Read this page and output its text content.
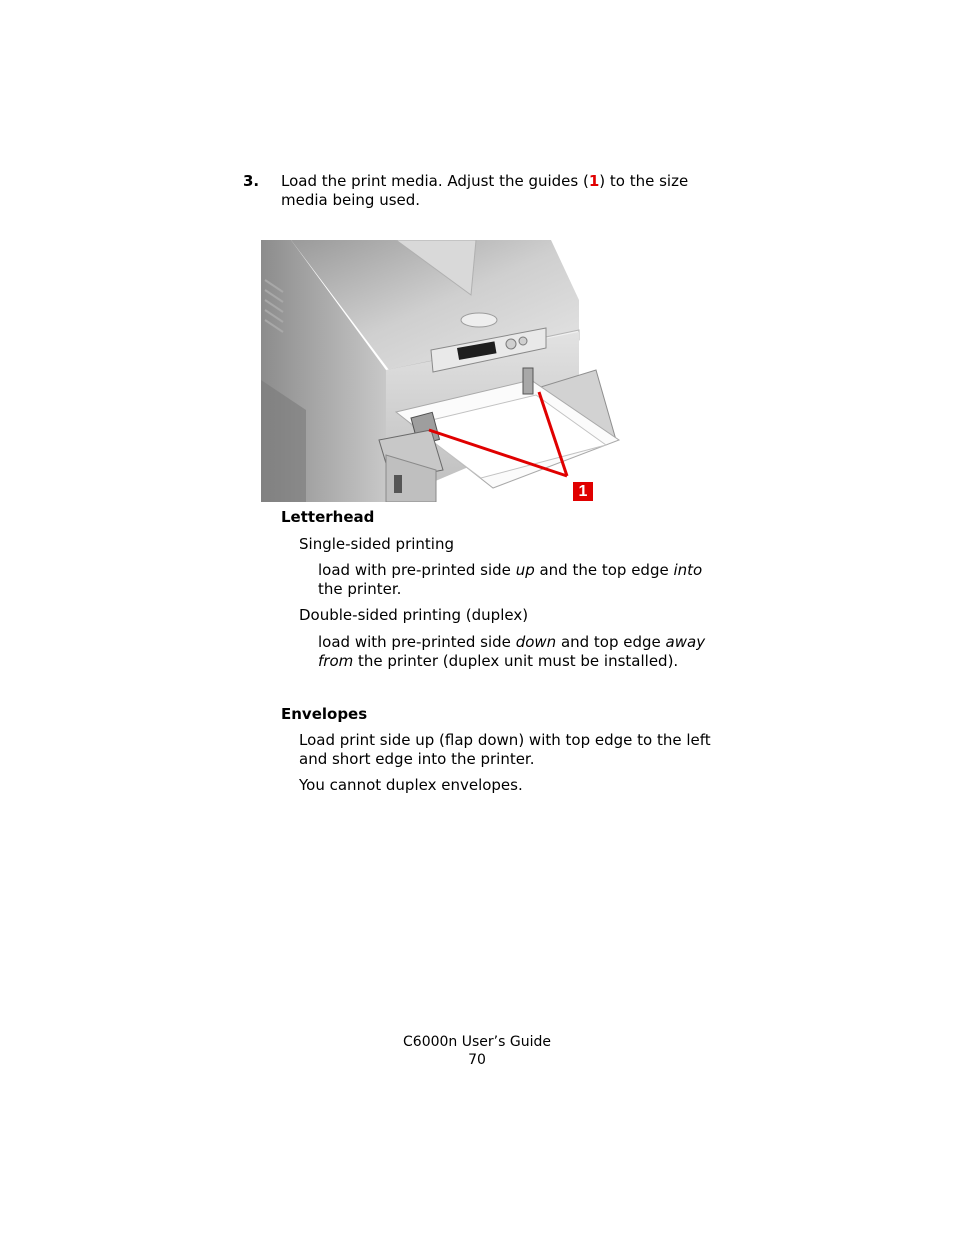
3. Load the print media. Adjust the guides (1) to the size
media being used.
1
Letterhead
Single-sided printing
load with pre-printed side up and the top edge into
the printer.
Double-sided printing (duplex)
load with pre-printed side down and top edge away
from the printer (duplex unit must be installed).
Envelopes
Load print side up (flap down) with top edge to the left
and short edge into the printer.
You cannot duplex envelopes.
C6000n User’s Guide
70
